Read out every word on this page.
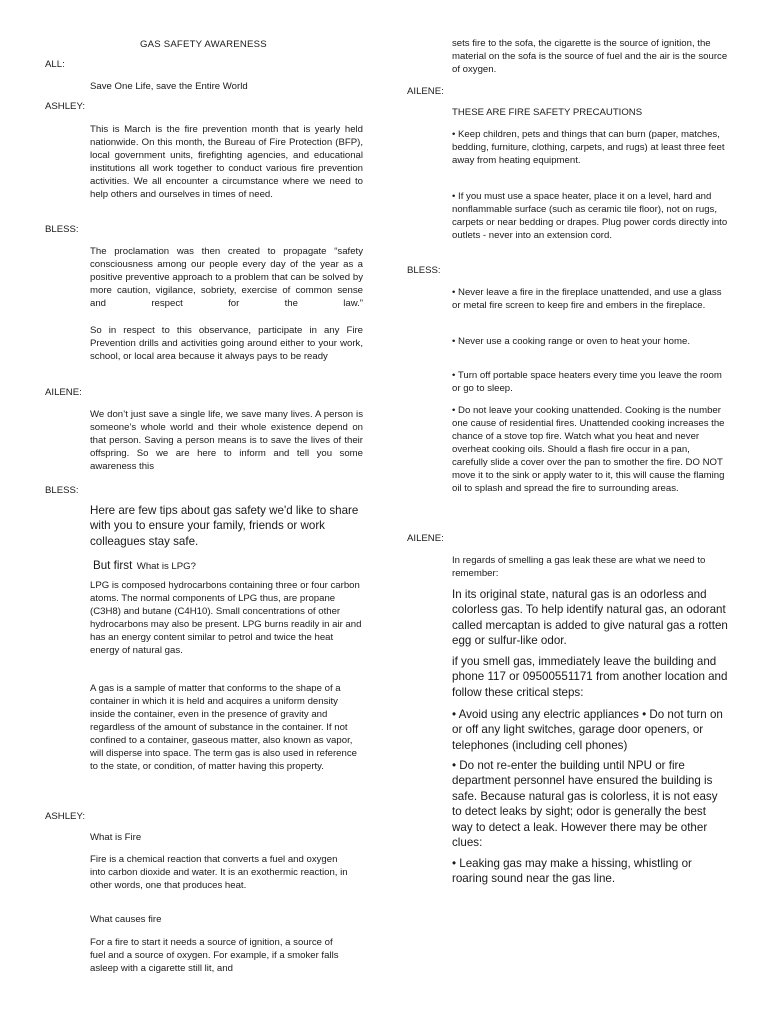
GAS SAFETY AWARENESS

ALL:

Save One Life, save the Entire World

ASHLEY:

This is March is the fire prevention month that is yearly held nationwide. On this month, the Bureau of Fire Protection (BFP), local government units, firefighting agencies, and educational institutions all work together to conduct various fire prevention activities. We all encounter a circumstance where we need to help others and ourselves in times of need.

BLESS:

The proclamation was then created to propagate “safety consciousness among our people every day of the year as a positive preventive approach to a problem that can be solved by more caution, vigilance, sobriety, exercise of common sense and respect for the law.”

So in respect to this observance, participate in any Fire Prevention drills and activities going around either to your work, school, or local area because it always pays to be ready

AILENE:

We don’t just save a single life, we save many lives. A person is someone’s whole world and their whole existence depend on that person. Saving a person means is to save the lives of their offspring. So we are here to inform and tell you some awareness this

BLESS:

Here are few tips about gas safety we'd like to share with you to ensure your family, friends or work colleagues stay safe.

But first What is LPG?

LPG is composed hydrocarbons containing three or four carbon atoms. The normal components of LPG thus, are propane (C3H8) and butane (C4H10). Small concentrations of other hydrocarbons may also be present. LPG burns readily in air and has an energy content similar to petrol and twice the heat energy of natural gas.

A gas is a sample of matter that conforms to the shape of a container in which it is held and acquires a uniform density inside the container, even in the presence of gravity and regardless of the amount of substance in the container. If not confined to a container, gaseous matter, also known as vapor, will disperse into space. The term gas is also used in reference to the state, or condition, of matter having this property.

ASHLEY:

What is Fire

Fire is a chemical reaction that converts a fuel and oxygen into carbon dioxide and water. It is an exothermic reaction, in other words, one that produces heat.

What causes fire

For a fire to start it needs a source of ignition, a source of fuel and a source of oxygen. For example, if a smoker falls asleep with a cigarette still lit, and

sets fire to the sofa, the cigarette is the source of ignition, the material on the sofa is the source of fuel and the air is the source of oxygen.

AILENE:

THESE ARE FIRE SAFETY PRECAUTIONS

• Keep children, pets and things that can burn (paper, matches, bedding, furniture, clothing, carpets, and rugs) at least three feet away from heating equipment.

• If you must use a space heater, place it on a level, hard and nonflammable surface (such as ceramic tile floor), not on rugs, carpets or near bedding or drapes. Plug power cords directly into outlets - never into an extension cord.

BLESS:

• Never leave a fire in the fireplace unattended, and use a glass or metal fire screen to keep fire and embers in the fireplace.

• Never use a cooking range or oven to heat your home.

• Turn off portable space heaters every time you leave the room or go to sleep.

• Do not leave your cooking unattended. Cooking is the number one cause of residential fires. Unattended cooking increases the chance of a stove top fire. Watch what you heat and never overheat cooking oils. Should a flash fire occur in a pan, carefully slide a cover over the pan to smother the fire. DO NOT move it to the sink or apply water to it, this will cause the flaming oil to splash and spread the fire to surrounding areas.

AILENE:

In regards of smelling a gas leak these are what we need to remember:

In its original state, natural gas is an odorless and colorless gas. To help identify natural gas, an odorant called mercaptan is added to give natural gas a rotten egg or sulfur-like odor.

if you smell gas, immediately leave the building and phone 117 or 09500551171 from another location and follow these critical steps:

• Avoid using any electric appliances • Do not turn on or off any light switches, garage door openers, or telephones (including cell phones)

• Do not re-enter the building until NPU or fire department personnel have ensured the building is safe. Because natural gas is colorless, it is not easy to detect leaks by sight; odor is generally the best way to detect a leak. However there may be other clues:

• Leaking gas may make a hissing, whistling or roaring sound near the gas line.
